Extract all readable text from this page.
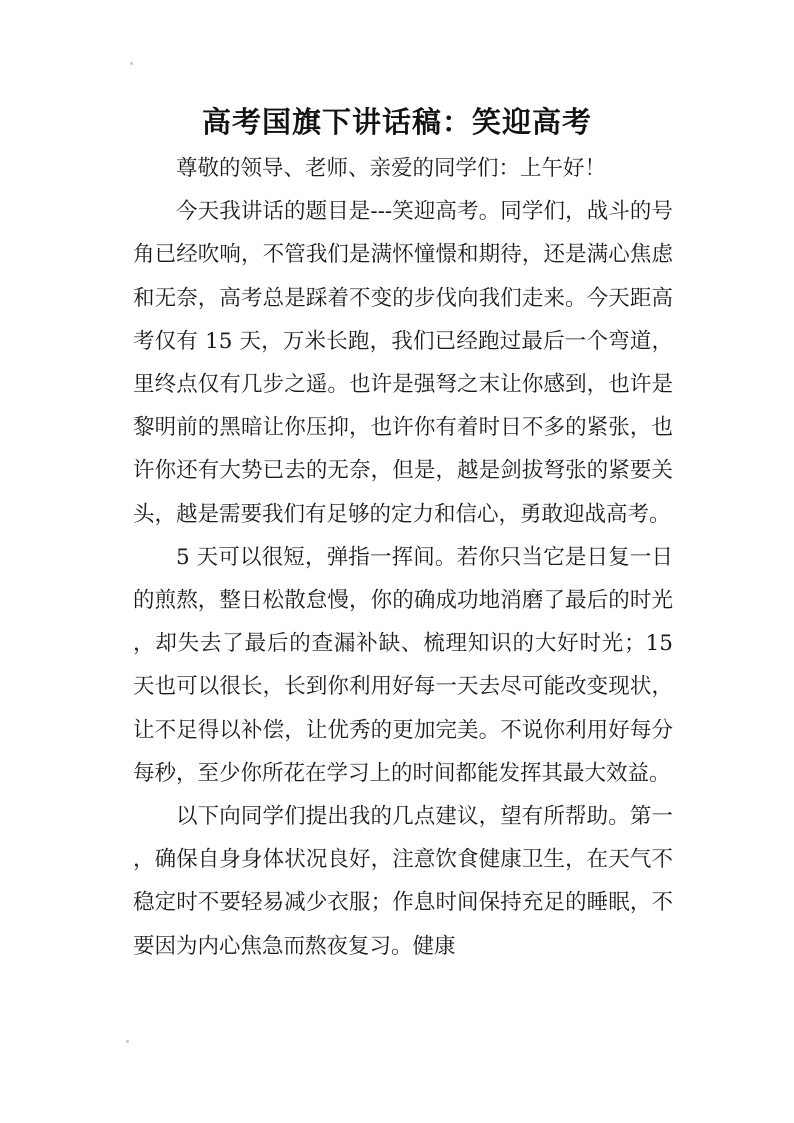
高考国旗下讲话稿：笑迎高考

尊敬的领导、老师、亲爱的同学们：上午好！

今天我讲话的题目是---笑迎高考。同学们，战斗的号角已经吹响，不管我们是满怀憧憬和期待，还是满心焦虑和无奈，高考总是踩着不变的步伐向我们走来。今天距高考仅有 15 天，万米长跑，我们已经跑过最后一个弯道，里终点仅有几步之遥。也许是强弩之末让你感到，也许是黎明前的黑暗让你压抑，也许你有着时日不多的紧张，也许你还有大势已去的无奈，但是，越是剑拔弩张的紧要关头，越是需要我们有足够的定力和信心，勇敢迎战高考。

5 天可以很短，弹指一挥间。若你只当它是日复一日的煎熬，整日松散怠慢，你的确成功地消磨了最后的时光，却失去了最后的查漏补缺、梳理知识的大好时光；15 天也可以很长，长到你利用好每一天去尽可能改变现状，让不足得以补偿，让优秀的更加完美。不说你利用好每分每秒，至少你所花在学习上的时间都能发挥其最大效益。

以下向同学们提出我的几点建议，望有所帮助。第一，确保自身身体状况良好，注意饮食健康卫生，在天气不稳定时不要轻易减少衣服；作息时间保持充足的睡眠，不要因为内心焦急而熬夜复习。健康
